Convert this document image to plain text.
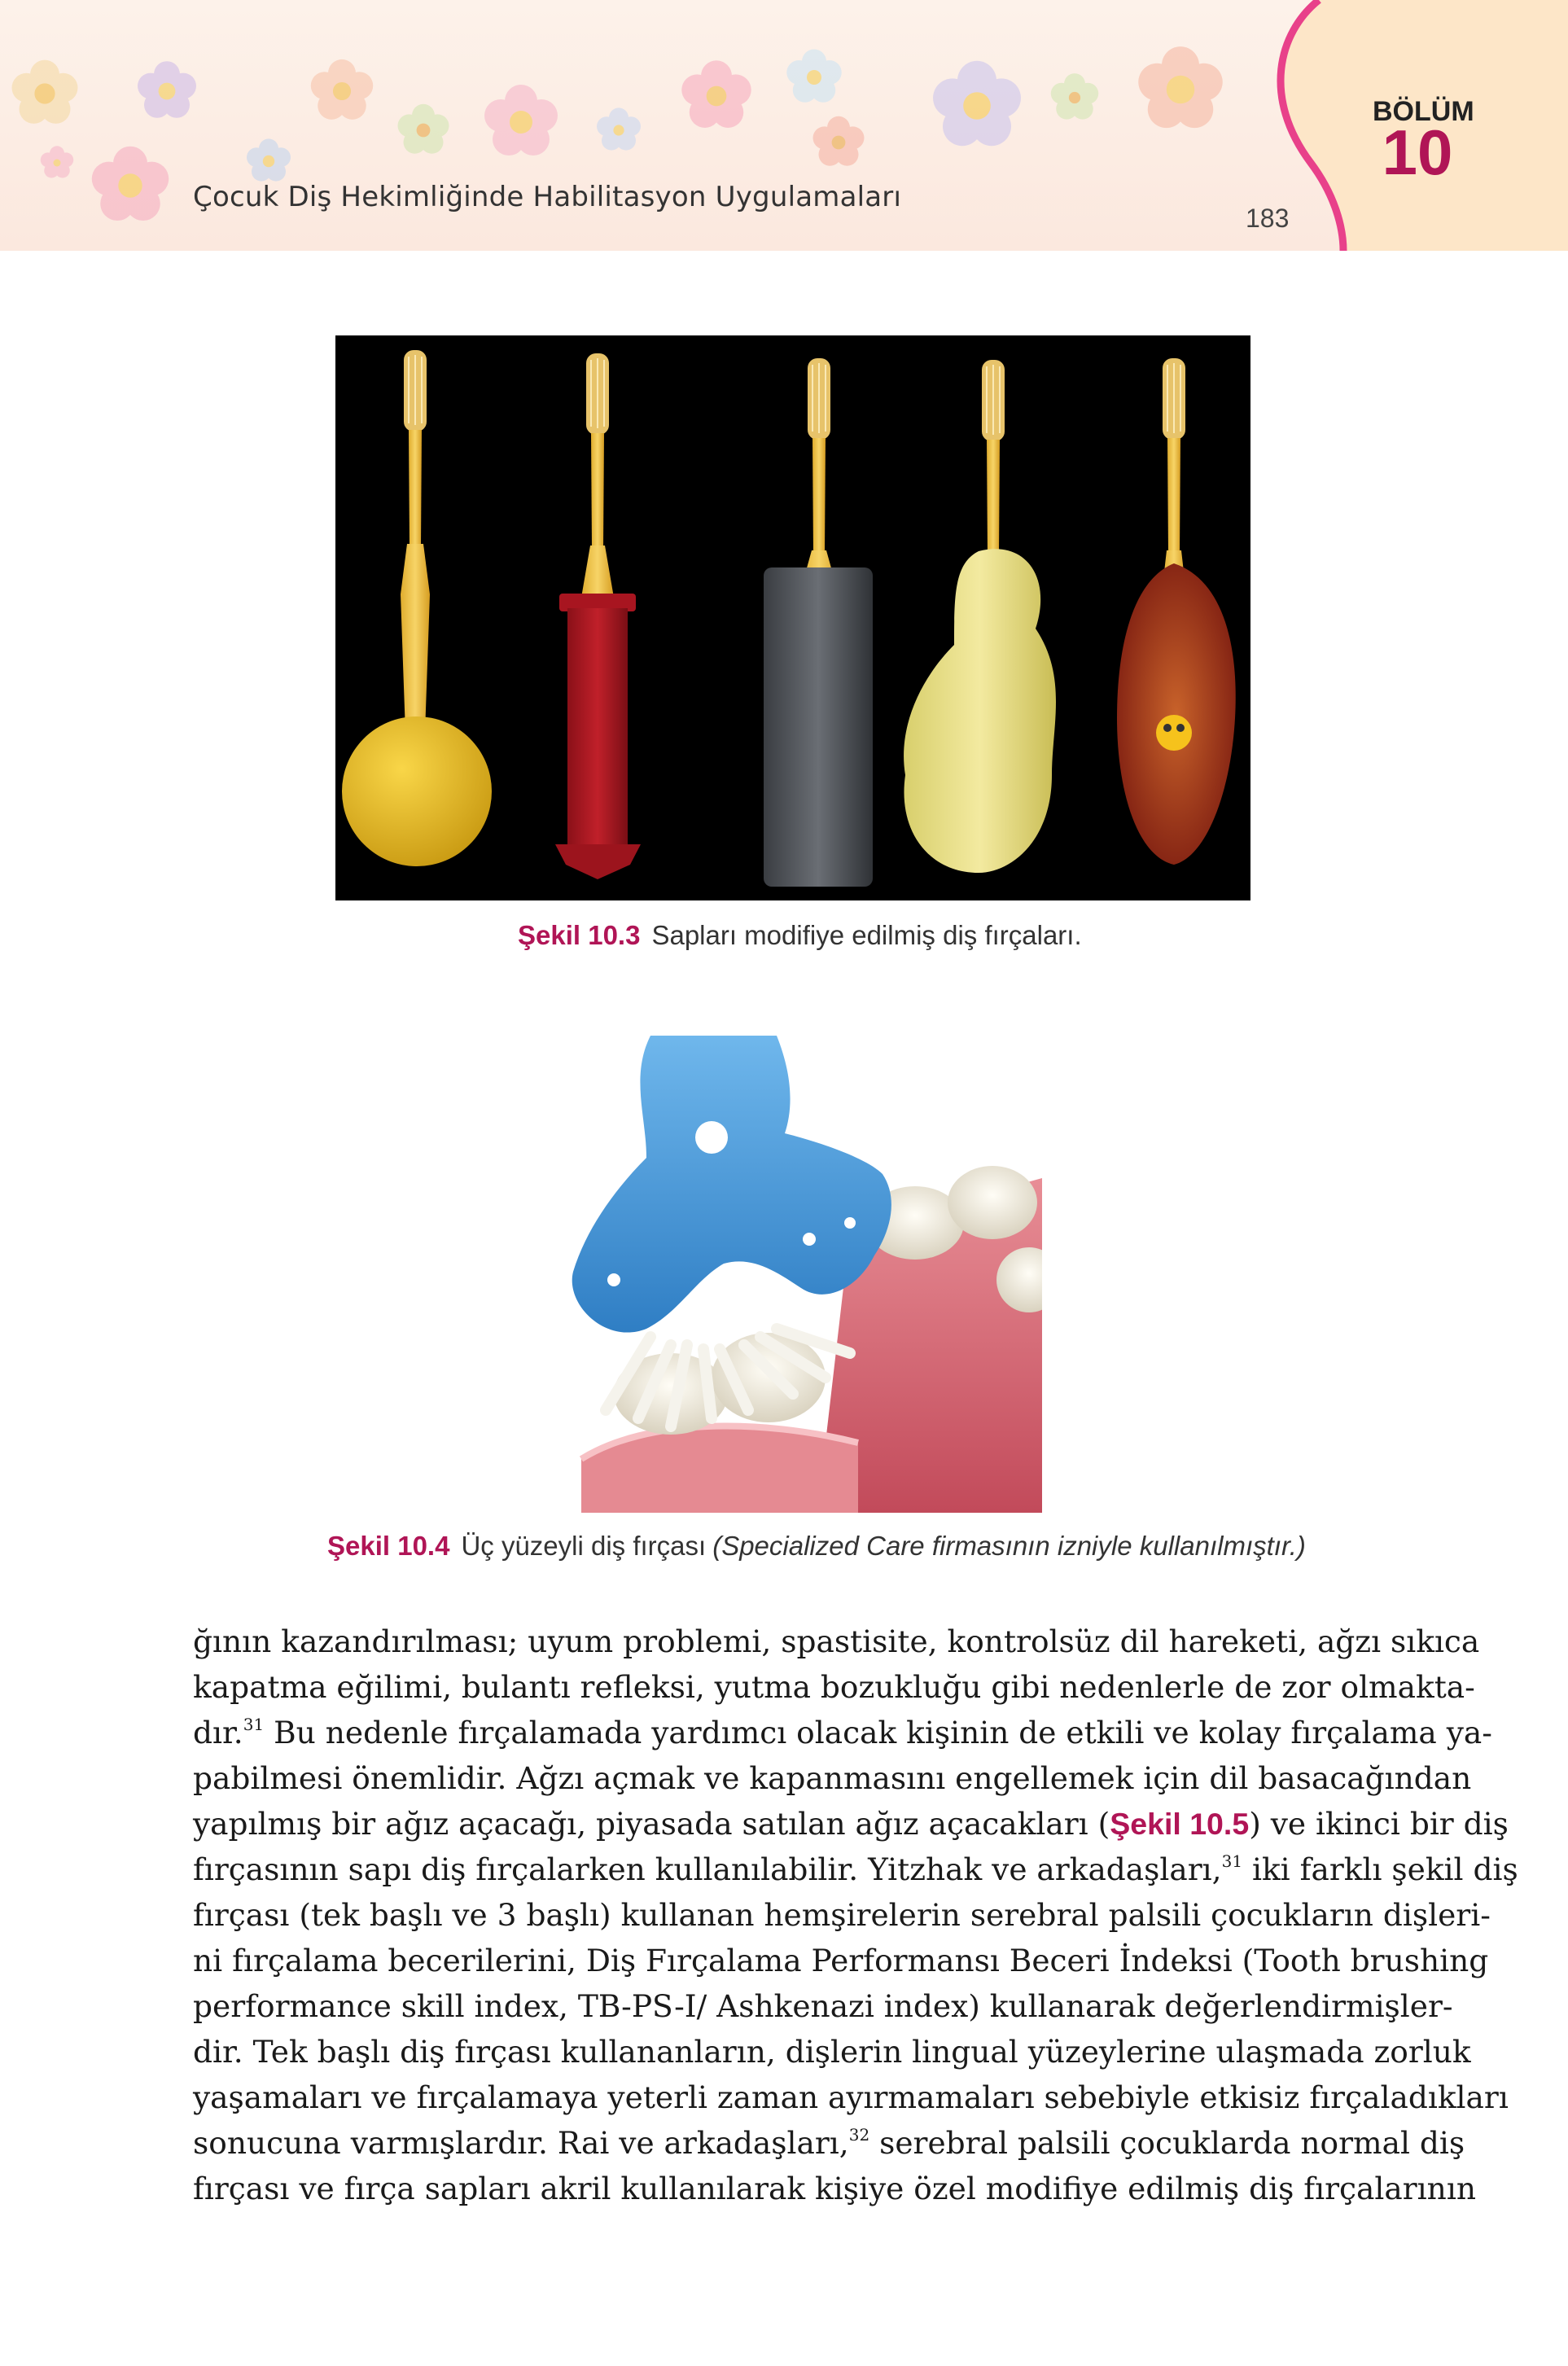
Çocuk Diş Hekimliğinde Habilitasyon Uygulamaları
183
BÖLÜM
10
Şekil 10.3 Sapları modifiye edilmiş diş fırçaları.
Şekil 10.4 Üç yüzeyli diş fırçası (Specialized Care firmasının izniyle kullanılmıştır.)
ğının kazandırılması; uyum problemi, spastisite, kontrolsüz dil hareketi, ağzı sıkıca
kapatma eğilimi, bulantı refleksi, yutma bozukluğu gibi nedenlerle de zor olmakta-
dır.$^{31}$ Bu nedenle fırçalamada yardımcı olacak kişinin de etkili ve kolay fırçalama ya-
pabilmesi önemlidir. Ağzı açmak ve kapanmasını engellemek için dil basacağından
yapılmış bir ağız açacağı, piyasada satılan ağız açacakları (Şekil 10.5) ve ikinci bir diş
fırçasının sapı diş fırçalarken kullanılabilir. Yitzhak ve arkadaşları,$^{31}$ iki farklı şekil diş
fırçası (tek başlı ve 3 başlı) kullanan hemşirelerin serebral palsili çocukların dişleri-
ni fırçalama becerilerini, Diş Fırçalama Performansı Beceri İndeksi (Tooth brushing
performance skill index, TB-PS-I/ Ashkenazi index) kullanarak değerlendirmişler-
dir. Tek başlı diş fırçası kullananların, dişlerin lingual yüzeylerine ulaşmada zorluk
yaşamaları ve fırçalamaya yeterli zaman ayırmamaları sebebiyle etkisiz fırçaladıkları
sonucuna varmışlardır. Rai ve arkadaşları,$^{32}$ serebral palsili çocuklarda normal diş
fırçası ve fırça sapları akril kullanılarak kişiye özel modifiye edilmiş diş fırçalarının
